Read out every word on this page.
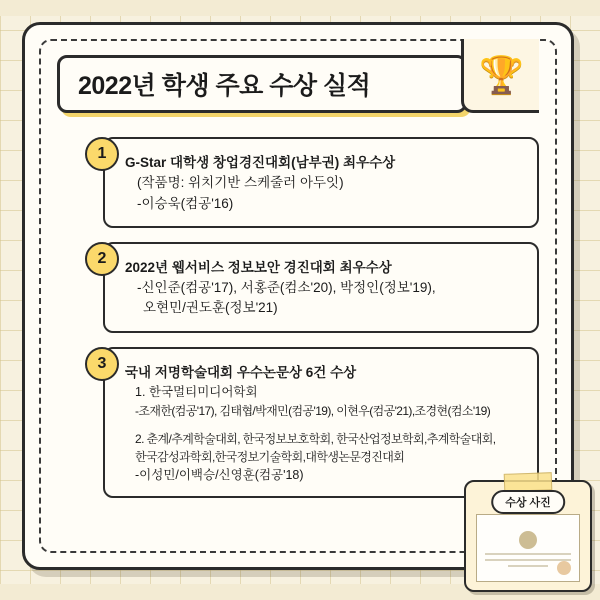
2022년 학생 주요 수상 실적	🏆
1
G-Star 대학생 창업경진대회(남부권) 최우수상
(작품명: 위치기반 스케줄러 아두잇)
-이승욱(컴공'16)
2
2022년 웹서비스 정보보안 경진대회 최우수상
-신인준(컴공'17), 서홍준(컴소'20), 박정인(정보'19),
오현민/권도훈(정보'21)
3
국내 저명학술대회 우수논문상 6건 수상
1. 한국멀티미디어학회
-조재한(컴공'17), 김태협/박재민(컴공'19), 이현우(컴공'21),조경현(컴소'19)
2. 춘계/추계학술대회, 한국정보보호학회, 한국산업정보학회,추계학술대회,
한국감성과학회,한국정보기술학회,대학생논문경진대회
-이성민/이백승/신영훈(컴공'18)
수상 사진
